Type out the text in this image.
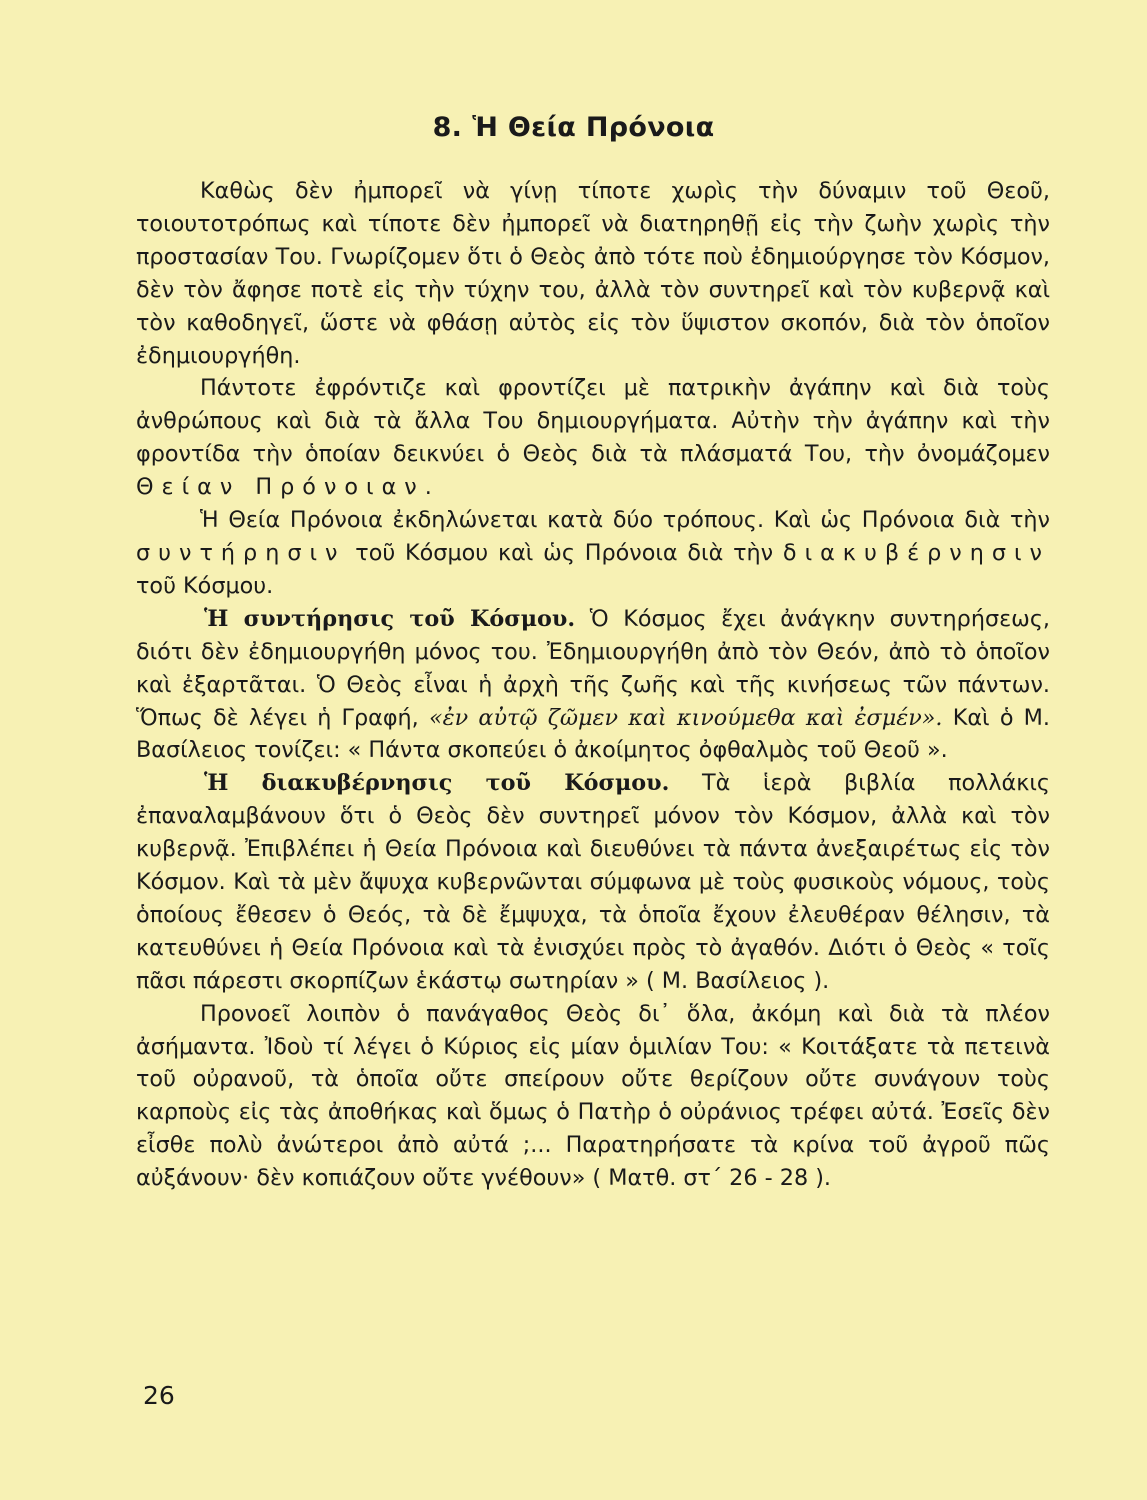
8. Ἡ Θεία Πρόνοια

Καθὼς δὲν ἠμπορεῖ νὰ γίνῃ τίποτε χωρὶς τὴν δύναμιν τοῦ Θεοῦ, τοιουτοτρόπως καὶ τίποτε δὲν ἠμπορεῖ νὰ διατηρηθῇ εἰς τὴν ζωὴν χωρὶς τὴν προστασίαν Του. Γνωρίζομεν ὅτι ὁ Θεὸς ἀπὸ τότε ποὺ ἐδημιούργησε τὸν Κόσμον, δὲν τὸν ἄφησε ποτὲ εἰς τὴν τύχην του, ἀλλὰ τὸν συντηρεῖ καὶ τὸν κυβερνᾷ καὶ τὸν καθοδηγεῖ, ὥστε νὰ φθάσῃ αὐτὸς εἰς τὸν ὕψιστον σκοπόν, διὰ τὸν ὁποῖον ἐδημιουργήθη.

Πάντοτε ἐφρόντιζε καὶ φροντίζει μὲ πατρικὴν ἀγάπην καὶ διὰ τοὺς ἀνθρώπους καὶ διὰ τὰ ἄλλα Του δημιουργήματα. Αὐτὴν τὴν ἀγάπην καὶ τὴν φροντίδα τὴν ὁποίαν δεικνύει ὁ Θεὸς διὰ τὰ πλάσματά Του, τὴν ὀνομάζομεν Θείαν Πρόνοιαν.

Ἡ Θεία Πρόνοια ἐκδηλώνεται κατὰ δύο τρόπους. Καὶ ὡς Πρόνοια διὰ τὴν συντήρησιν τοῦ Κόσμου καὶ ὡς Πρόνοια διὰ τὴν διακυβέρνησιν τοῦ Κόσμου.

Ἡ συντήρησις τοῦ Κόσμου. Ὁ Κόσμος ἔχει ἀνάγκην συντηρήσεως, διότι δὲν ἐδημιουργήθη μόνος του. Ἐδημιουργήθη ἀπὸ τὸν Θεόν, ἀπὸ τὸ ὁποῖον καὶ ἐξαρτᾶται. Ὁ Θεὸς εἶναι ἡ ἀρχὴ τῆς ζωῆς καὶ τῆς κινήσεως τῶν πάντων. Ὅπως δὲ λέγει ἡ Γραφή, «ἐν αὐτῷ ζῶμεν καὶ κινούμεθα καὶ ἐσμέν». Καὶ ὁ Μ. Βασίλειος τονίζει: « Πάντα σκοπεύει ὁ ἀκοίμητος ὀφθαλμὸς τοῦ Θεοῦ ».

Ἡ διακυβέρνησις τοῦ Κόσμου. Τὰ ἱερὰ βιβλία πολλάκις ἐπαναλαμβάνουν ὅτι ὁ Θεὸς δὲν συντηρεῖ μόνον τὸν Κόσμον, ἀλλὰ καὶ τὸν κυβερνᾷ. Ἐπιβλέπει ἡ Θεία Πρόνοια καὶ διευθύνει τὰ πάντα ἀνεξαιρέτως εἰς τὸν Κόσμον. Καὶ τὰ μὲν ἄψυχα κυβερνῶνται σύμφωνα μὲ τοὺς φυσικοὺς νόμους, τοὺς ὁποίους ἔθεσεν ὁ Θεός, τὰ δὲ ἔμψυχα, τὰ ὁποῖα ἔχουν ἐλευθέραν θέλησιν, τὰ κατευθύνει ἡ Θεία Πρόνοια καὶ τὰ ἐνισχύει πρὸς τὸ ἀγαθόν. Διότι ὁ Θεὸς « τοῖς πᾶσι πάρεστι σκορπίζων ἑκάστῳ σωτηρίαν » ( Μ. Βασίλειος ).

Προνοεῖ λοιπὸν ὁ πανάγαθος Θεὸς δι᾿ ὅλα, ἀκόμη καὶ διὰ τὰ πλέον ἀσήμαντα. Ἰδοὺ τί λέγει ὁ Κύριος εἰς μίαν ὁμιλίαν Του: « Κοιτάξατε τὰ πετεινὰ τοῦ οὐρανοῦ, τὰ ὁποῖα οὔτε σπείρουν οὔτε θερίζουν οὔτε συνάγουν τοὺς καρποὺς εἰς τὰς ἀποθήκας καὶ ὅμως ὁ Πατὴρ ὁ οὐράνιος τρέφει αὐτά. Ἐσεῖς δὲν εἶσθε πολὺ ἀνώτεροι ἀπὸ αὐτά ;... Παρατηρήσατε τὰ κρίνα τοῦ ἀγροῦ πῶς αὐξάνουν· δὲν κοπιάζουν οὔτε γνέθουν» ( Ματθ. στ´ 26 - 28 ).

26
